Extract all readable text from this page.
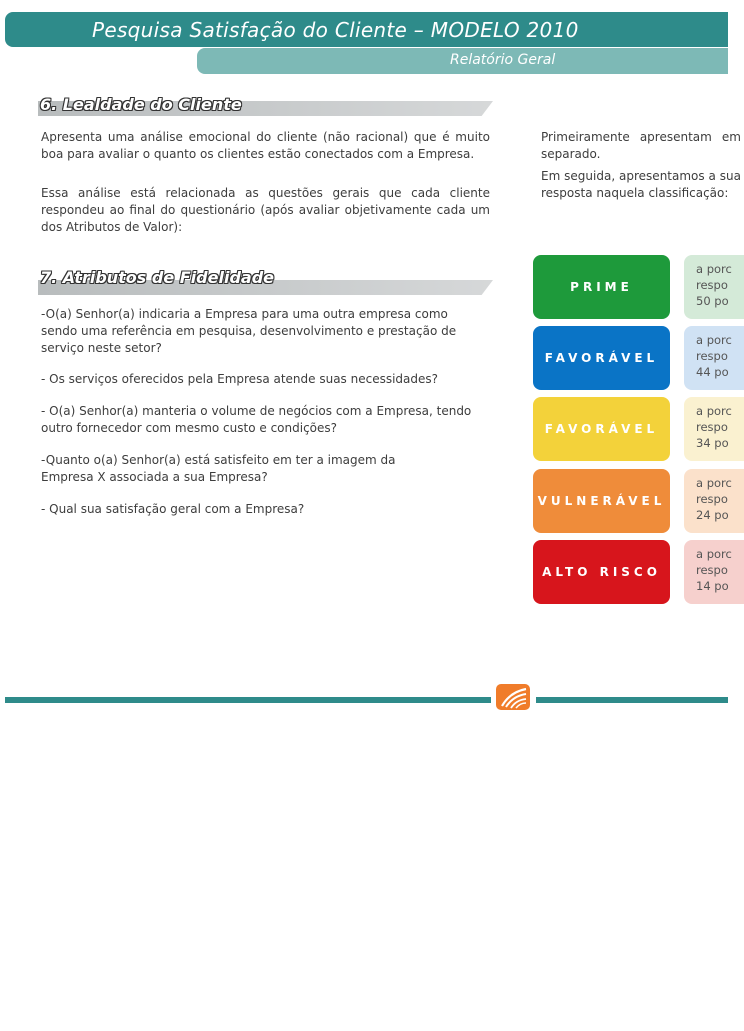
Pesquisa Satisfação do Cliente – MODELO 2010
Relatório Geral
6. Lealdade do Cliente

Apresenta uma análise emocional do cliente (não racional) que é muito boa para avaliar o quanto os clientes estão conectados com a Empresa.

Essa análise está relacionada as questões gerais que cada cliente respondeu ao final do questionário (após avaliar objetivamente cada um dos Atributos de Valor):

7. Atributos de Fidelidade

-O(a) Senhor(a) indicaria a Empresa para uma outra empresa como sendo uma referência em pesquisa, desenvolvimento e prestação de serviço neste setor?

- Os serviços oferecidos pela Empresa atende suas necessidades?

- O(a) Senhor(a) manteria o volume de negócios com a Empresa, tendo outro fornecedor com mesmo custo e condições?

-Quanto o(a) Senhor(a) está satisfeito em ter a imagem da Empresa X associada a sua Empresa?

- Qual sua satisfação geral com a Empresa?

Primeiramente apresentam em separado.

Em seguida, apresentamos a sua resposta naquela classificação:

PRIME
a porc
respo
50 po
FAVORÁVEL
a porc
respo
44 po
FAVORÁVEL
a porc
respo
34 po
VULNERÁVEL
a porc
respo
24 po
ALTO RISCO
a porc
respo
14 po
